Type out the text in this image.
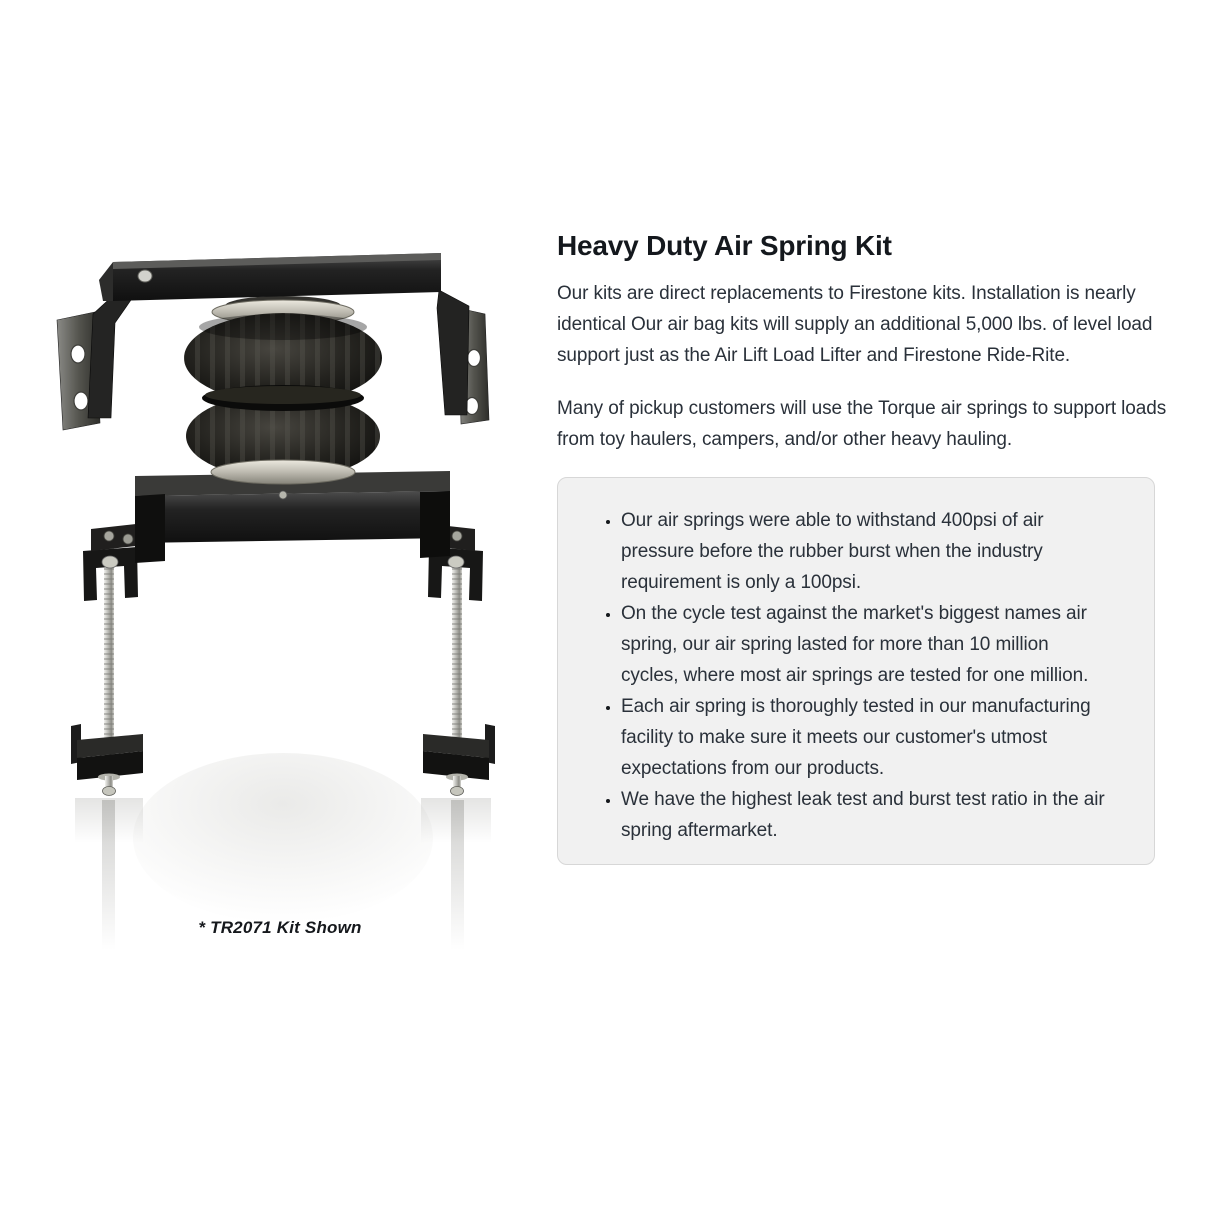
* TR2071 Kit Shown
Heavy Duty Air Spring Kit

Our kits are direct replacements to Firestone kits. Installation is nearly identical Our air bag kits will supply an additional 5,000 lbs. of level load support just as the Air Lift Load Lifter and Firestone Ride-Rite.

Many of pickup customers will use the Torque air springs to support loads from toy haulers, campers, and/or other heavy hauling.

• Our air springs were able to withstand 400psi of air pressure before the rubber burst when the industry requirement is only a 100psi.
• On the cycle test against the market's biggest names air spring, our air spring lasted for more than 10 million cycles, where most air springs are tested for one million.
• Each air spring is thoroughly tested in our manufacturing facility to make sure it meets our customer's utmost expectations from our products.
• We have the highest leak test and burst test ratio in the air spring aftermarket.
